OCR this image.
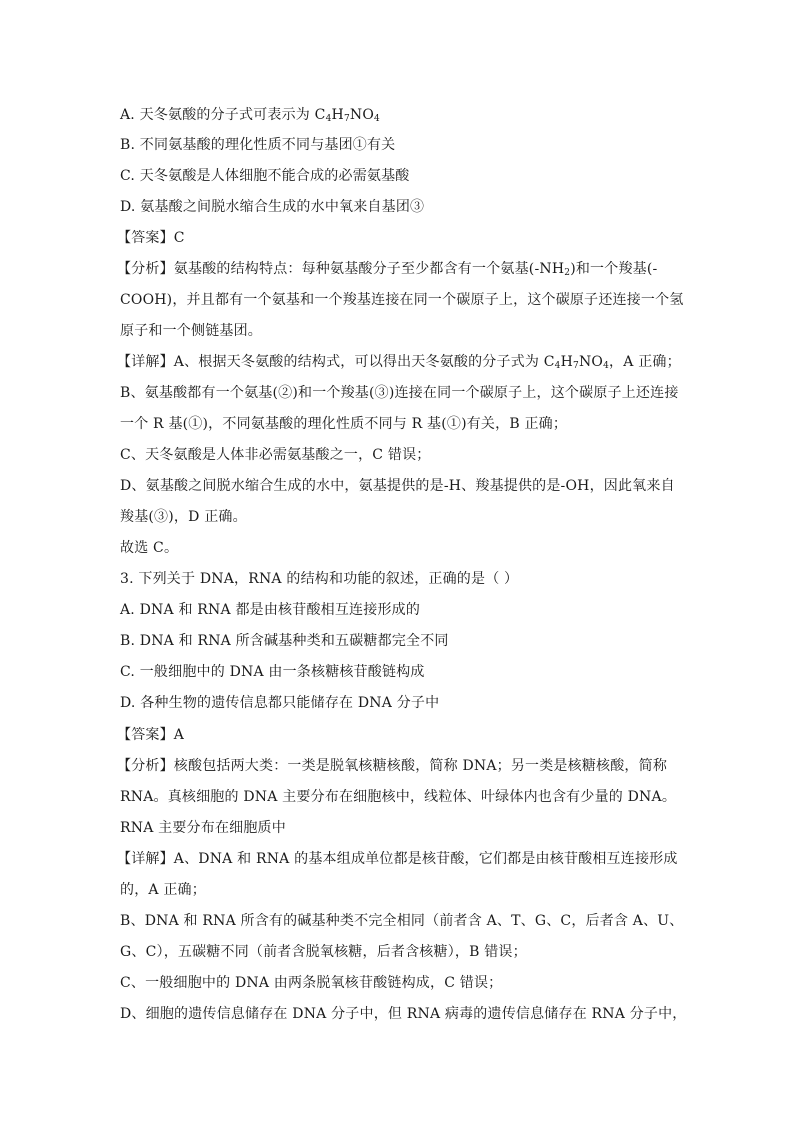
A. 天冬氨酸的分子式可表示为 $C_4H_7NO_4$

B. 不同氨基酸的理化性质不同与基团①有关

C. 天冬氨酸是人体细胞不能合成的必需氨基酸

D. 氨基酸之间脱水缩合生成的水中氧来自基团③

【答案】C

【分析】氨基酸的结构特点：每种氨基酸分子至少都含有一个氨基$(-NH_2)$和一个羧基(-

COOH)，并且都有一个氨基和一个羧基连接在同一个碳原子上，这个碳原子还连接一个氢

原子和一个侧链基团。

【详解】A、根据天冬氨酸的结构式，可以得出天冬氨酸的分子式为 $C_4H_7NO_4$，A 正确；

B、氨基酸都有一个氨基(②)和一个羧基(③)连接在同一个碳原子上，这个碳原子上还连接

一个 R 基(①)，不同氨基酸的理化性质不同与 R 基(①)有关，B 正确；

C、天冬氨酸是人体非必需氨基酸之一，C 错误；

D、氨基酸之间脱水缩合生成的水中，氨基提供的是-H、羧基提供的是-OH，因此氧来自

羧基(③)，D 正确。

故选 C。

3. 下列关于 DNA，RNA 的结构和功能的叙述，正确的是（ ）

A. DNA 和 RNA 都是由核苷酸相互连接形成的

B. DNA 和 RNA 所含碱基种类和五碳糖都完全不同

C. 一般细胞中的 DNA 由一条核糖核苷酸链构成

D. 各种生物的遗传信息都只能储存在 DNA 分子中

【答案】A

【分析】核酸包括两大类：一类是脱氧核糖核酸，简称 DNA；另一类是核糖核酸，简称

RNA。真核细胞的 DNA 主要分布在细胞核中，线粒体、叶绿体内也含有少量的 DNA。

RNA 主要分布在细胞质中

【详解】A、DNA 和 RNA 的基本组成单位都是核苷酸，它们都是由核苷酸相互连接形成

的，A 正确；

B、DNA 和 RNA 所含有的碱基种类不完全相同（前者含 A、T、G、C，后者含 A、U、

G、C），五碳糖不同（前者含脱氧核糖，后者含核糖），B 错误；

C、一般细胞中的 DNA 由两条脱氧核苷酸链构成，C 错误；

D、细胞的遗传信息储存在 DNA 分子中，但 RNA 病毒的遗传信息储存在 RNA 分子中，
